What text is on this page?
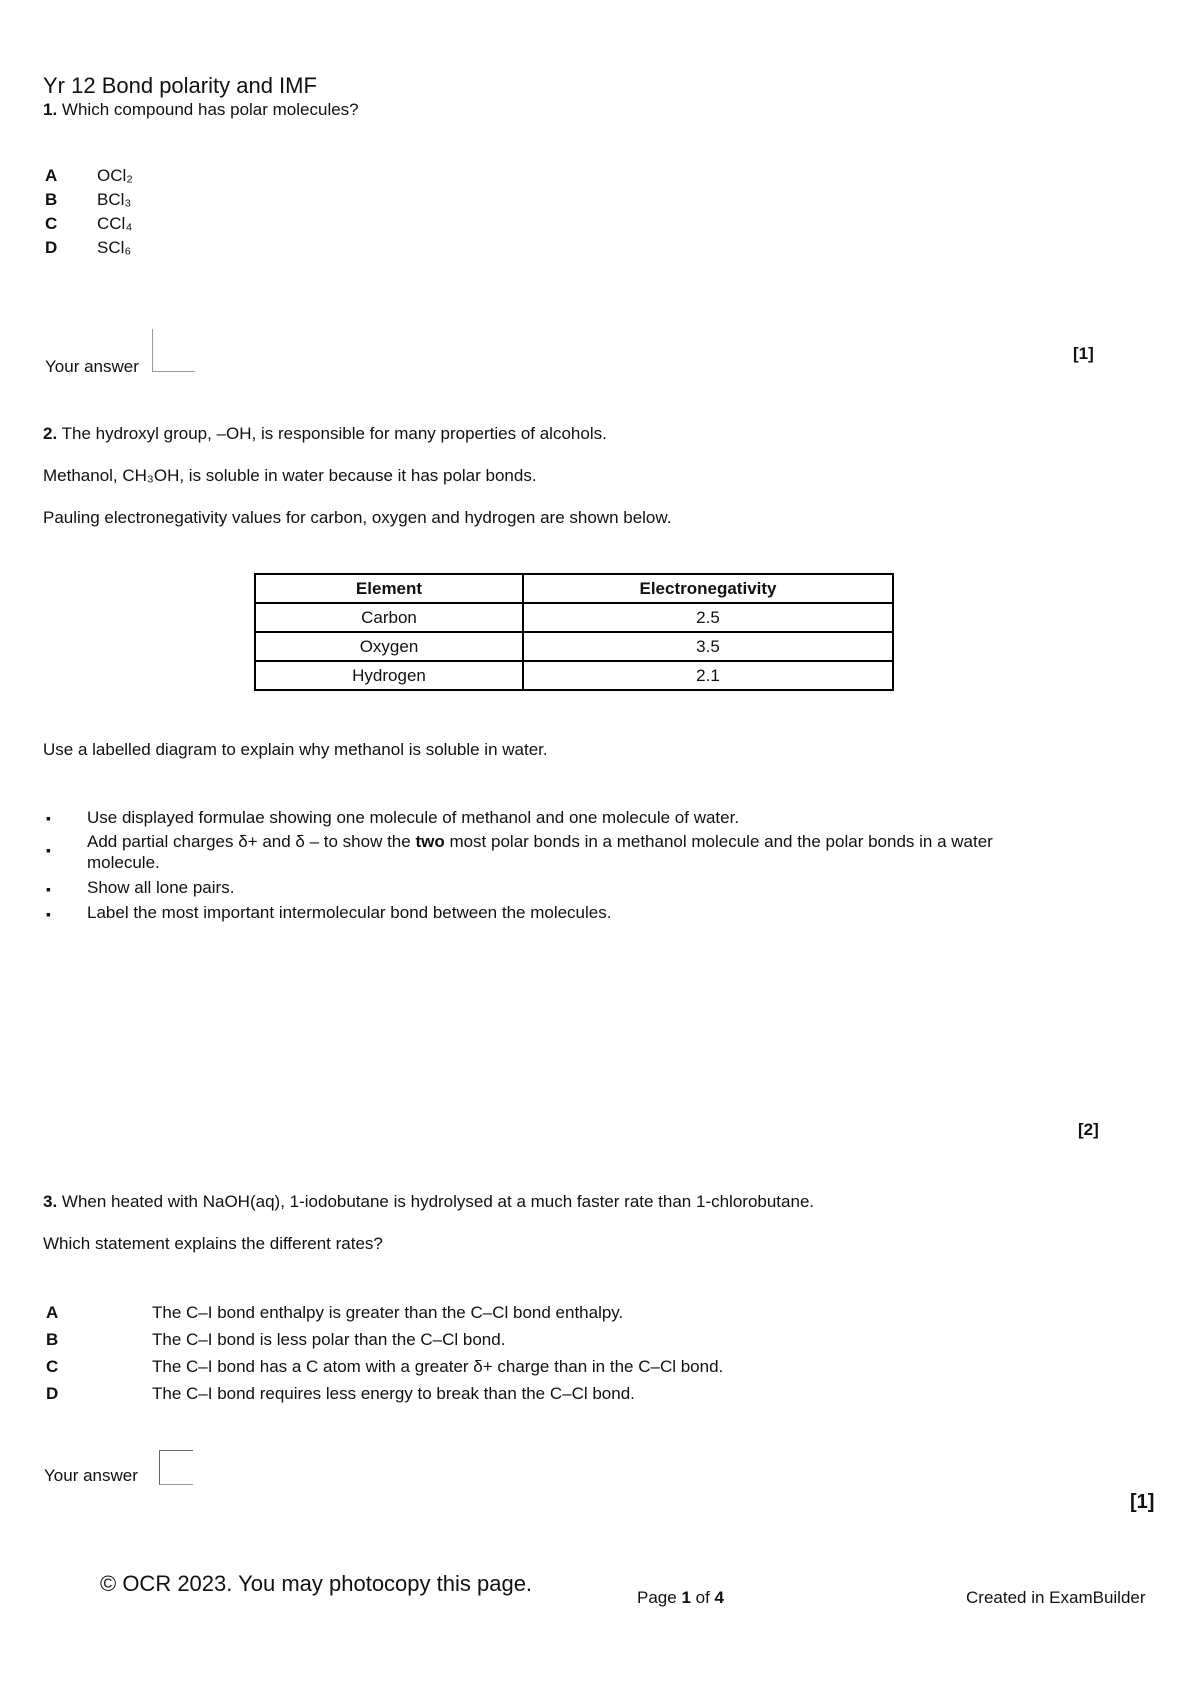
Yr 12 Bond polarity and IMF
1. Which compound has polar molecules?
A OCl₂
B BCl₃
C CCl₄
D SCl₆
Your answer
[1]
2. The hydroxyl group, –OH, is responsible for many properties of alcohols.
Methanol, CH₃OH, is soluble in water because it has polar bonds.
Pauling electronegativity values for carbon, oxygen and hydrogen are shown below.
Element	Electronegativity
Carbon	2.5
Oxygen	3.5
Hydrogen	2.1
Use a labelled diagram to explain why methanol is soluble in water.
▪ Use displayed formulae showing one molecule of methanol and one molecule of water.
▪ Add partial charges δ+ and δ – to show the two most polar bonds in a methanol molecule and the polar bonds in a water
molecule.
▪ Show all lone pairs.
▪ Label the most important intermolecular bond between the molecules.
[2]
3. When heated with NaOH(aq), 1-iodobutane is hydrolysed at a much faster rate than 1-chlorobutane.
Which statement explains the different rates?
A	The C–I bond enthalpy is greater than the C–Cl bond enthalpy.
B	The C–I bond is less polar than the C–Cl bond.
C	The C–I bond has a C atom with a greater δ+ charge than in the C–Cl bond.
D	The C–I bond requires less energy to break than the C–Cl bond.
Your answer
[1]
© OCR 2023. You may photocopy this page.
Page 1 of 4	Created in ExamBuilder
